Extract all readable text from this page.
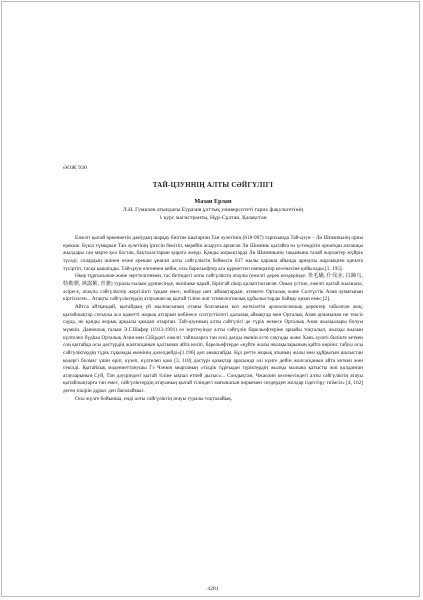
ӘОЖ 930
ТАЙ-ЦЗУННІҢ АЛТЫ СӘЙГҮЛІГІ
Мазан Ерлан
Л.Н. Гумилев атындағы Еуразия ұлттық университеті тарих факультетінің
1 курс магистранты, Нұр-Сұлтан, Қазақстан

Ежелгі қытай өркениетін дамудың шарқау биігіне шығарған Тан әулетінің (618-907) тарихында Тай-цзун – Ли Шиминьнің орны ерекше. Бүкіл гүмырын Тан әулетінің іргесін бекітіп, мерейін асыруға арнаған Ли Шиминь қытайға өз үстемдігін орнатқан алғашқы жылдары сан мәрте қол бастап, бақталастарын қирата жеңді. Қанды жорықтарда Ли Шиминьнің тақымына талай жауынгер жүйрік түседі, солардың ішінен өзіне ерекше ұнаған алты сәйгүліктің бейнесін 637 жылы қараша айында арнаулы жарлықпен қағазға түсіртіп, тасқа қашатады. Тай-цзун өлгеннен кейін, осы барельефтер аса құрметтеп император кесенесіне қойылады [1, 195].

Өкер тұрғысынан және зерттелгенмен, тас бетіндегі алты сәйгүліктің атаулы (ежелгі дерек көздерінде: 拳毛騧, 什伐赤, 白蹄乌, 特勒骠, 飒露紫, 青骓) туралы ғылым дүниесінде, өкінішке қарай, бірізгай пікір қалыптаспаған. Оның үстіне, ежелгі қытай жылнасы, әсіресе, атақты сәйгүліктер жергілікті тұқым емес, көбінде шет аймақтардан, әтемөте Орталық және Солтүстік Азия аумағынан кіргізілген... Атақты сәйгүліктердің атауынан-ақ қытай тіліне жат этимологиялық құбылыстарды байқау қиын емес [2].

Айтса айтқандай, қытайдың үй жылнасының отаны болғанына көз жеткізетін археологиялық деректер табылған жоқ; қытайлықтар соғыска аса қажетті жорық атгарын көбінесе солтүстіктегі далалық аймақтар мен Орталық Азия аумағынан не тексіз сауда, не қанды жорық арқылы қамдап отырған. Тай-цзунның алты сәйгүлігі де түрік немесе Орталық Азия жылқылары болуы мүмкін. Даниялық ғалым Э.Г.Шафер (1913-1991) өз зерттеуінде алты сәйгүлік барельефтеріне арнайы тоқталып, жылқы жылын күлтелеп бүдһаа Орталық Азия мен Сібірдегі ежелгі тайпаларға тән ескі дағды екенін есте сақтады және Хань әулеті билікте кеткен соң қытайда осы дәстүрдің жалғасқанын қалтынан айта келіп, барельефтерде «күйте жалы жылқыларының қайта көрініс табуы осы сәйгүліктердің түрік тұқымды екенінің дәлелдейді»[1.196] деп анықтайды. Бұл ретте жорық атының жалы мен құйрығын шалыстан кедергі болмас үшін өріп, күзеп, күлтелеп қою [3, 118] дәстүрі қазақтар арасында әлі күнге дейін жалғасқанын айта кеткен жөн секілді. Қытайлық мәдениеттанушы Гэ Чэнюн мырзаның «тілдік тұрғыдан түріктердің жылқы малына қатысты жиі қолданған атауларының Суй, Тан дәуіріндегі қытай тіліне ықпал етпей дыгыс»... Сондықтан, Чжаолин кесенесіндегі алты сәйгүліктің атауы қытайлықтарға тән емес, сәйгүліктердің атауының қытай тіліндегі мағынасын көркемен сөздерден жолдар іздестіру тиімсіз» [4, 162] деген пікірін дұрыс деп бағалаймыз.

Осы жүлге бойынша, енді алты сәйгүліктің атауы туралы тоқталайық.

4281
